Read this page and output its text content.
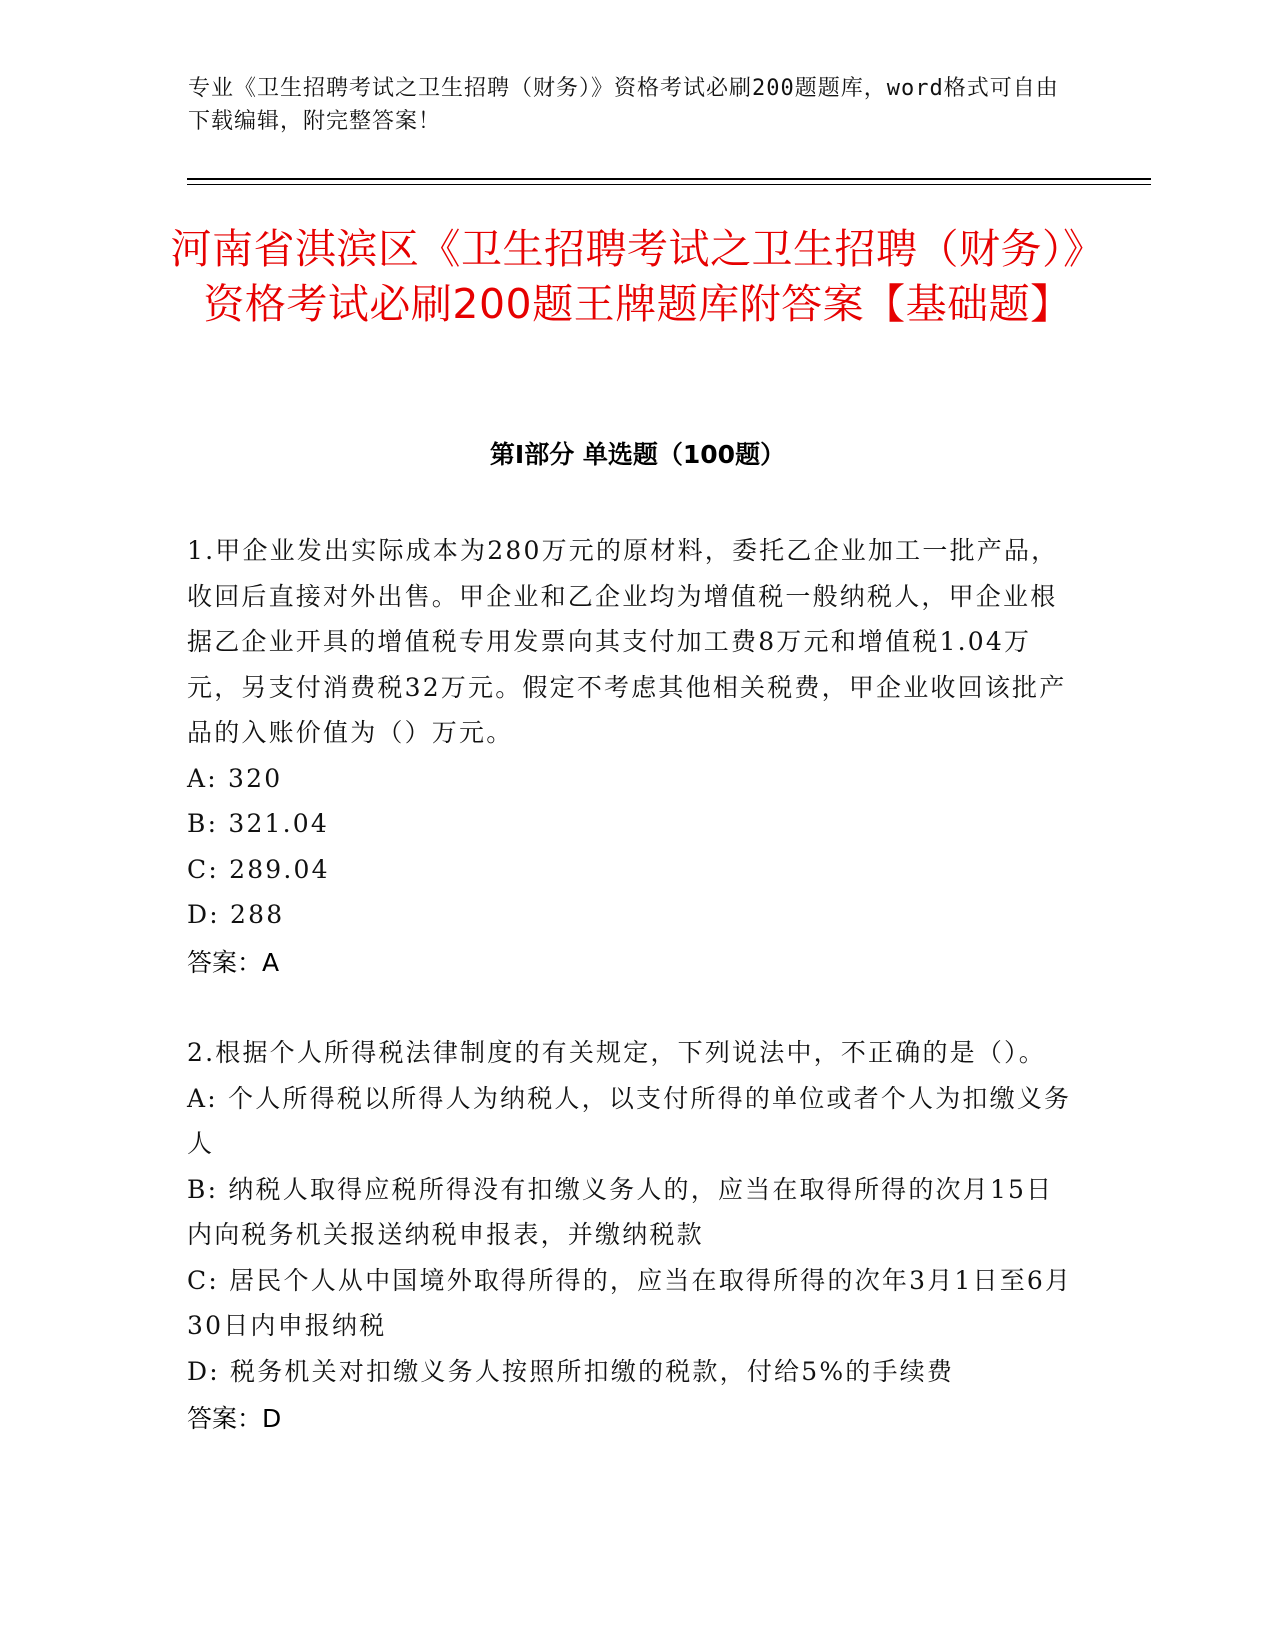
专业《卫生招聘考试之卫生招聘（财务）》资格考试必刷200题题库，word格式可自由下载编辑，附完整答案！
河南省淇滨区《卫生招聘考试之卫生招聘（财务）》资格考试必刷200题王牌题库附答案【基础题】
第Ⅰ部分 单选题（100题）
1.甲企业发出实际成本为280万元的原材料，委托乙企业加工一批产品，收回后直接对外出售。甲企业和乙企业均为增值税一般纳税人，甲企业根据乙企业开具的增值税专用发票向其支付加工费8万元和增值税1.04万元，另支付消费税32万元。假定不考虑其他相关税费，甲企业收回该批产品的入账价值为（）万元。
A: 320
B: 321.04
C: 289.04
D: 288
答案：A
2.根据个人所得税法律制度的有关规定，下列说法中，不正确的是（）。
A: 个人所得税以所得人为纳税人，以支付所得的单位或者个人为扣缴义务人
B: 纳税人取得应税所得没有扣缴义务人的，应当在取得所得的次月15日内向税务机关报送纳税申报表，并缴纳税款
C: 居民个人从中国境外取得所得的，应当在取得所得的次年3月1日至6月30日内申报纳税
D: 税务机关对扣缴义务人按照所扣缴的税款，付给5%的手续费
答案：D
